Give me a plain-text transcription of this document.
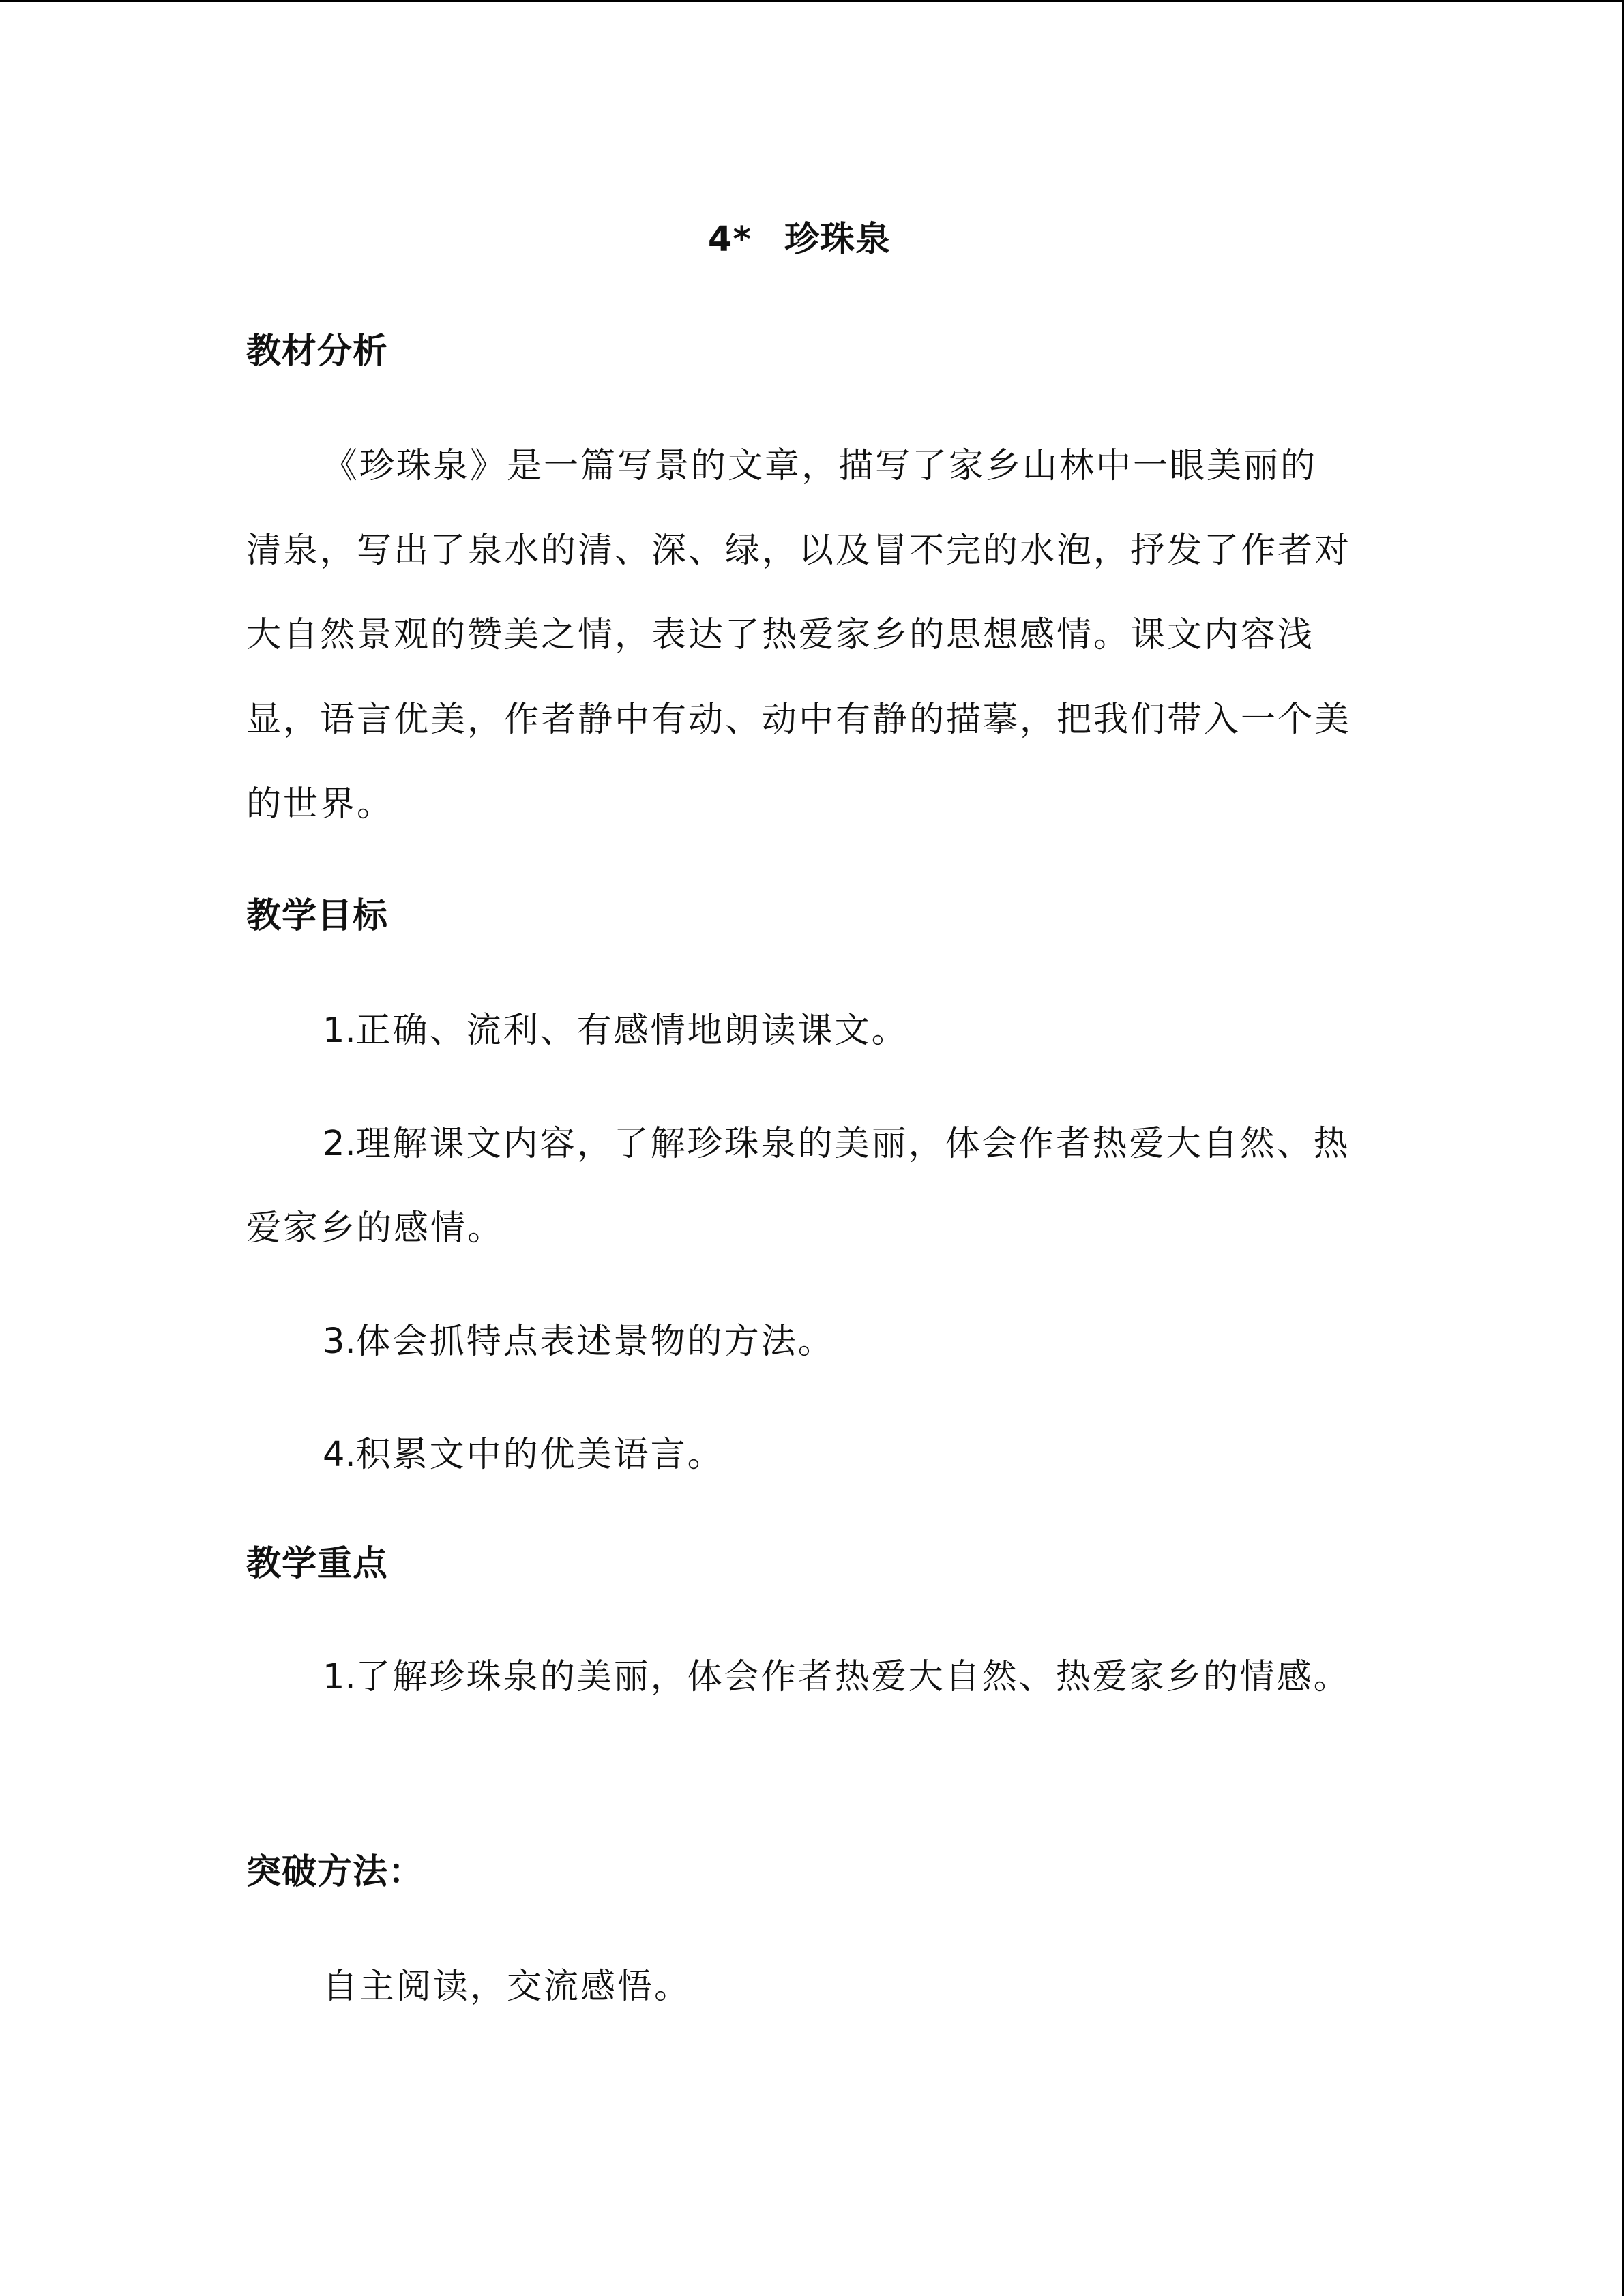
4* 珍珠泉
教材分析

《珍珠泉》是一篇写景的文章，描写了家乡山林中一眼美丽的清泉，写出了泉水的清、深、绿，以及冒不完的水泡，抒发了作者对大自然景观的赞美之情，表达了热爱家乡的思想感情。课文内容浅显，语言优美，作者静中有动、动中有静的描摹，把我们带入一个美的世界。

教学目标

1.正确、流利、有感情地朗读课文。

2.理解课文内容，了解珍珠泉的美丽，体会作者热爱大自然、热爱家乡的感情。

3.体会抓特点表述景物的方法。

4.积累文中的优美语言。

教学重点

1.了解珍珠泉的美丽，体会作者热爱大自然、热爱家乡的情感。

突破方法：

自主阅读，交流感悟。
